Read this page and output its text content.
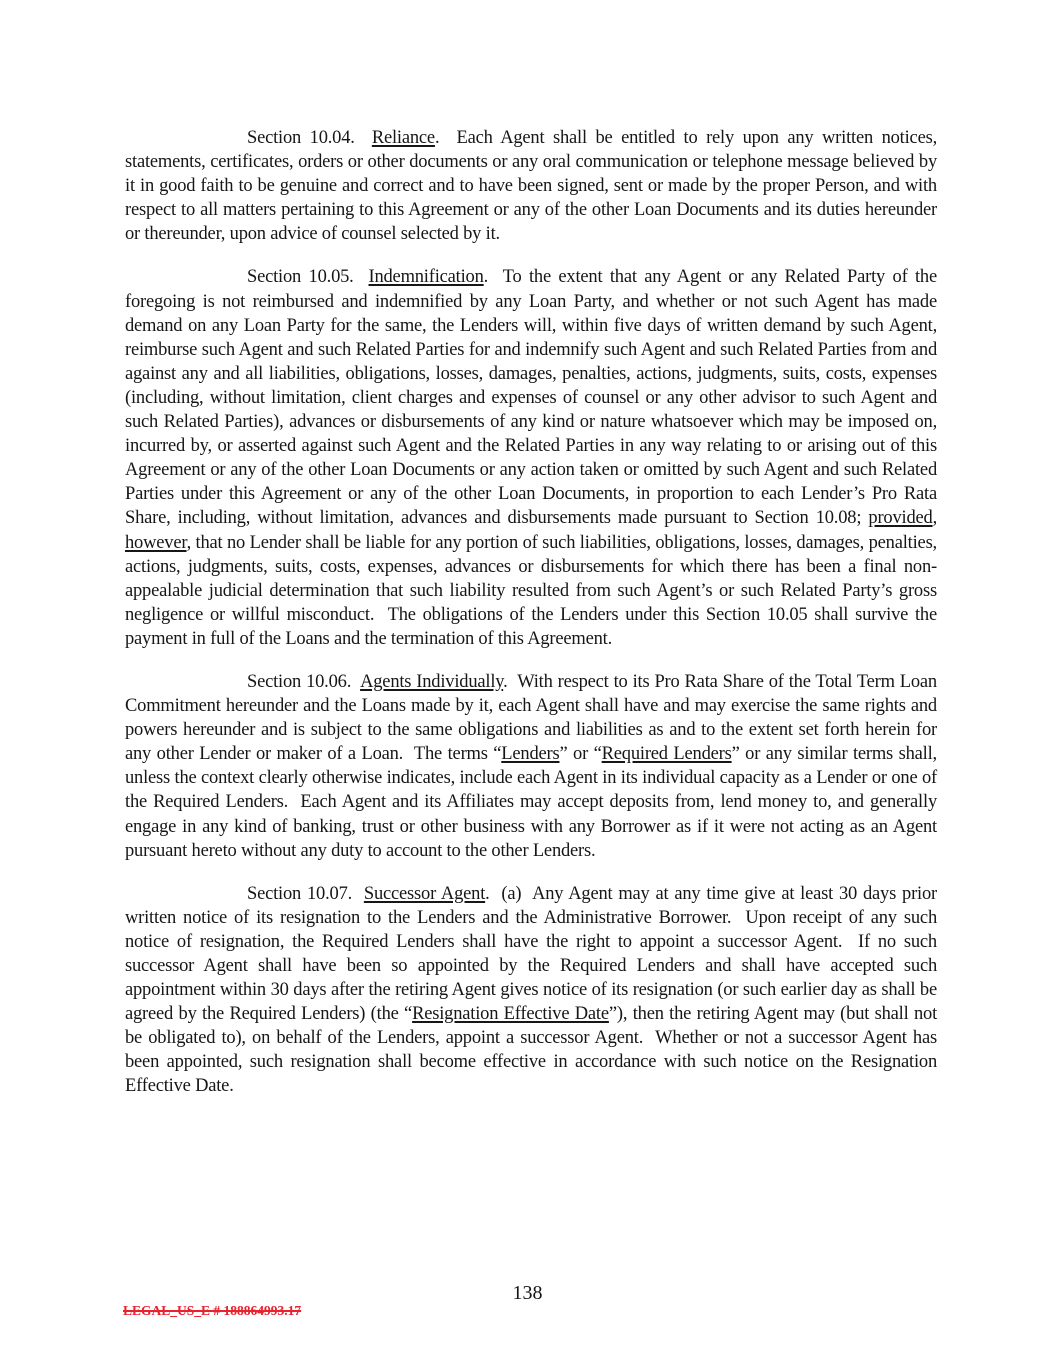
Section 10.04.  Reliance.  Each Agent shall be entitled to rely upon any written notices, statements, certificates, orders or other documents or any oral communication or telephone message believed by it in good faith to be genuine and correct and to have been signed, sent or made by the proper Person, and with respect to all matters pertaining to this Agreement or any of the other Loan Documents and its duties hereunder or thereunder, upon advice of counsel selected by it.

Section 10.05.  Indemnification.  To the extent that any Agent or any Related Party of the foregoing is not reimbursed and indemnified by any Loan Party, and whether or not such Agent has made demand on any Loan Party for the same, the Lenders will, within five days of written demand by such Agent, reimburse such Agent and such Related Parties for and indemnify such Agent and such Related Parties from and against any and all liabilities, obligations, losses, damages, penalties, actions, judgments, suits, costs, expenses (including, without limitation, client charges and expenses of counsel or any other advisor to such Agent and such Related Parties), advances or disbursements of any kind or nature whatsoever which may be imposed on, incurred by, or asserted against such Agent and the Related Parties in any way relating to or arising out of this Agreement or any of the other Loan Documents or any action taken or omitted by such Agent and such Related Parties under this Agreement or any of the other Loan Documents, in proportion to each Lender’s Pro Rata Share, including, without limitation, advances and disbursements made pursuant to Section 10.08; provided, however, that no Lender shall be liable for any portion of such liabilities, obligations, losses, damages, penalties, actions, judgments, suits, costs, expenses, advances or disbursements for which there has been a final non-appealable judicial determination that such liability resulted from such Agent’s or such Related Party’s gross negligence or willful misconduct.  The obligations of the Lenders under this Section 10.05 shall survive the payment in full of the Loans and the termination of this Agreement.

Section 10.06.  Agents Individually.  With respect to its Pro Rata Share of the Total Term Loan Commitment hereunder and the Loans made by it, each Agent shall have and may exercise the same rights and powers hereunder and is subject to the same obligations and liabilities as and to the extent set forth herein for any other Lender or maker of a Loan.  The terms “Lenders” or “Required Lenders” or any similar terms shall, unless the context clearly otherwise indicates, include each Agent in its individual capacity as a Lender or one of the Required Lenders.  Each Agent and its Affiliates may accept deposits from, lend money to, and generally engage in any kind of banking, trust or other business with any Borrower as if it were not acting as an Agent pursuant hereto without any duty to account to the other Lenders.

Section 10.07.  Successor Agent.  (a)  Any Agent may at any time give at least 30 days prior written notice of its resignation to the Lenders and the Administrative Borrower.  Upon receipt of any such notice of resignation, the Required Lenders shall have the right to appoint a successor Agent.  If no such successor Agent shall have been so appointed by the Required Lenders and shall have accepted such appointment within 30 days after the retiring Agent gives notice of its resignation (or such earlier day as shall be agreed by the Required Lenders) (the “Resignation Effective Date”), then the retiring Agent may (but shall not be obligated to), on behalf of the Lenders, appoint a successor Agent.  Whether or not a successor Agent has been appointed, such resignation shall become effective in accordance with such notice on the Resignation Effective Date.

138
LEGAL_US_E # 188864993.17
